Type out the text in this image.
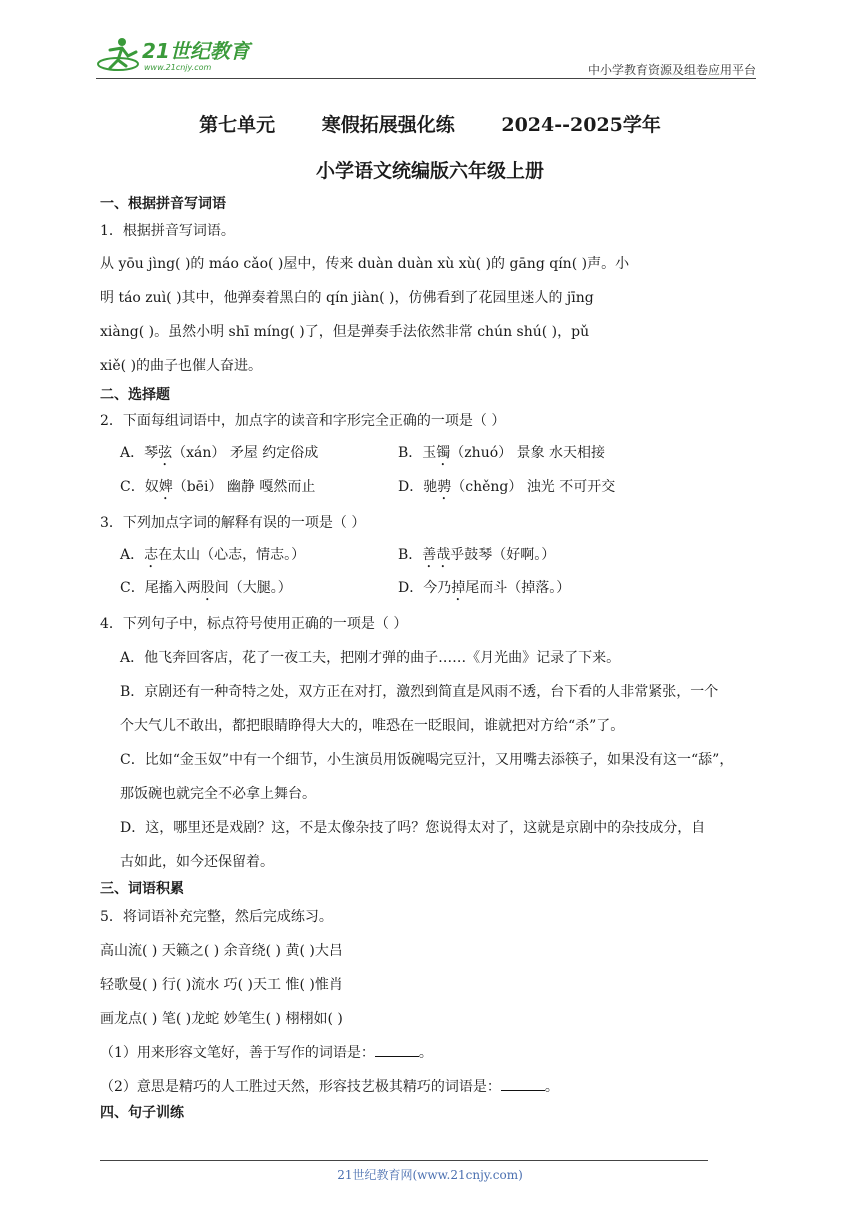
21世纪教育
www.21cnjy.com	中小学教育资源及组卷应用平台
第七单元 寒假拓展强化练 2024--2025学年
小学语文统编版六年级上册
一、根据拼音写词语
1．根据拼音写词语。
从 yōu jìng( )的 máo cǎo( )屋中，传来 duàn duàn xù xù( )的 gāng qín( )声。小
明 táo zuì( )其中，他弹奏着黑白的 qín jiàn( )，仿佛看到了花园里迷人的 jīng
xiàng( )。虽然小明 shī míng( )了，但是弹奏手法依然非常 chún shú( )，pǔ
xiě( )的曲子也催人奋进。
二、选择题
2．下面每组词语中，加点字的读音和字形完全正确的一项是（ ）
A．琴弦（xán） 矛屋 约定俗成	B．玉镯（zhuó） 景象 水天相接
C．奴婢（bēi） 幽静 嘎然而止	D．驰骋（chěng） 浊光 不可开交
3．下列加点字词的解释有误的一项是（ ）
A．志在太山（心志，情志。）	B．善哉乎鼓琴（好啊。）
C．尾搐入两股间（大腿。）	D．今乃掉尾而斗（掉落。）
4．下列句子中，标点符号使用正确的一项是（ ）
A．他飞奔回客店，花了一夜工夫，把刚才弹的曲子……《月光曲》记录了下来。
B．京剧还有一种奇特之处，双方正在对打，激烈到简直是风雨不透，台下看的人非常紧张，一个
个大气儿不敢出，都把眼睛睁得大大的，唯恐在一眨眼间，谁就把对方给“杀”了。
C．比如“金玉奴”中有一个细节，小生演员用饭碗喝完豆汁，又用嘴去添筷子，如果没有这一“舔”，
那饭碗也就完全不必拿上舞台。
D．这，哪里还是戏剧？这，不是太像杂技了吗？您说得太对了，这就是京剧中的杂技成分，自
古如此，如今还保留着。
三、词语积累
5．将词语补充完整，然后完成练习。
高山流( ) 天籁之( ) 余音绕( ) 黄( )大吕
轻歌曼( ) 行( )流水 巧( )天工 惟( )惟肖
画龙点( ) 笔( )龙蛇 妙笔生( ) 栩栩如( )
（1）用来形容文笔好，善于写作的词语是：	。
（2）意思是精巧的人工胜过天然，形容技艺极其精巧的词语是：	。
四、句子训练
21世纪教育网(www.21cnjy.com)
